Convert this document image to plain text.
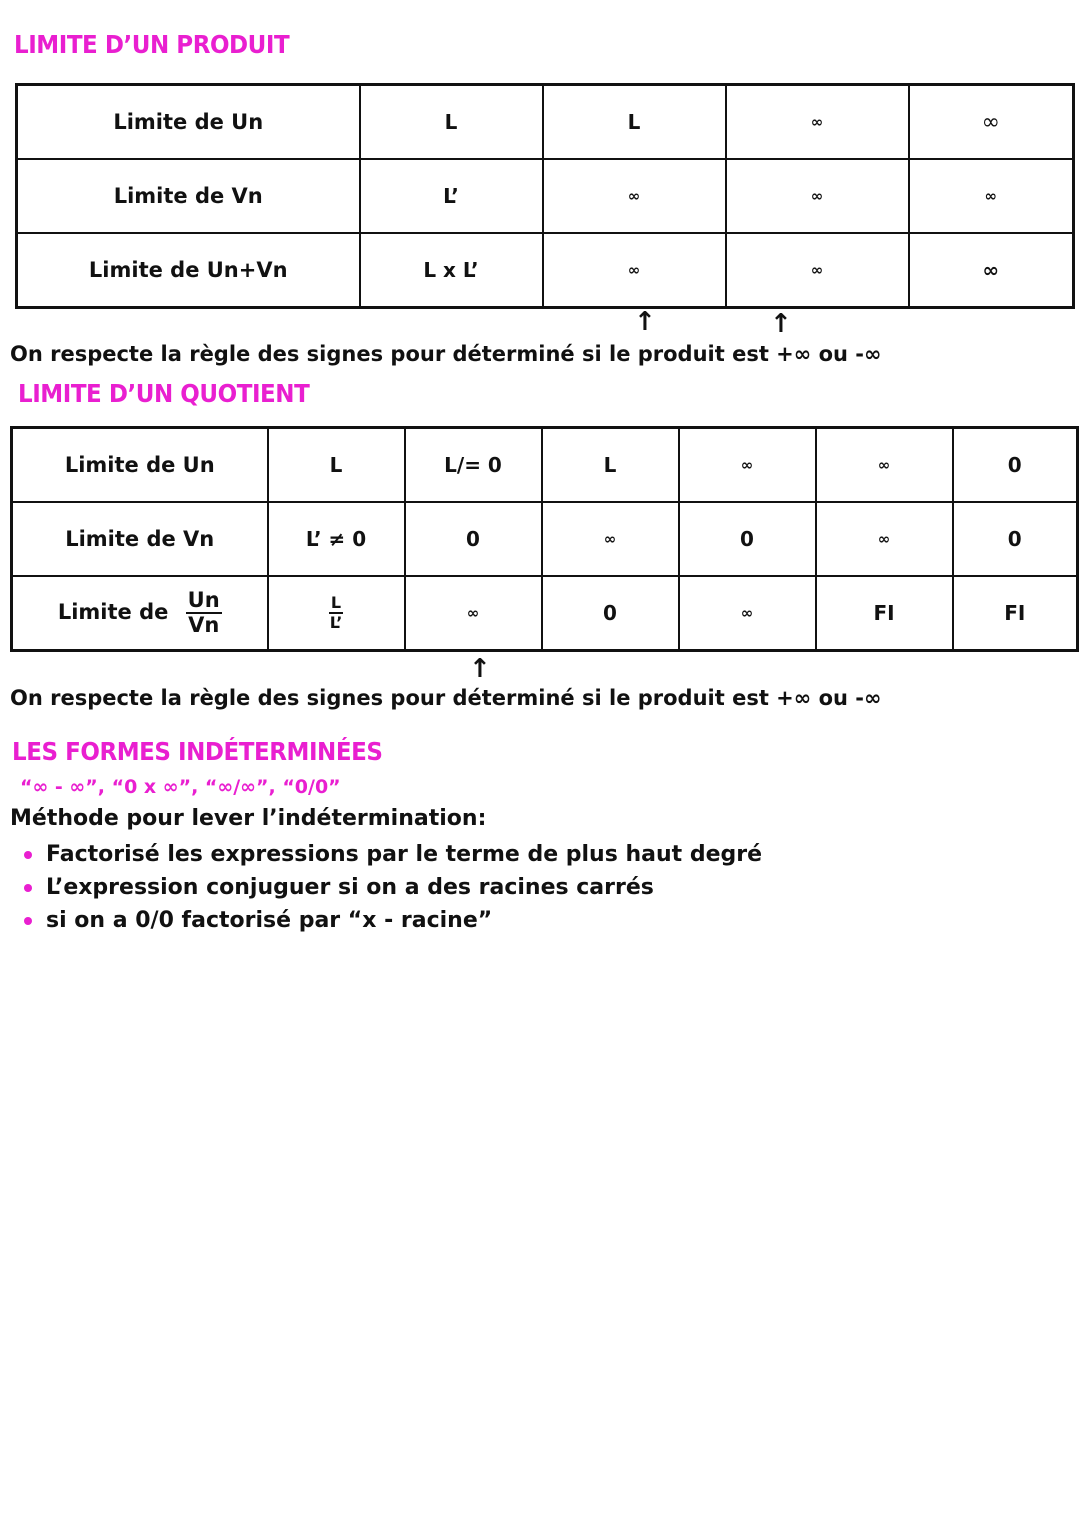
LIMITE D’UN PRODUIT
Limite de Un	L	L	∞	∞
Limite de Vn	L’	∞	∞	∞
Limite de Un+Vn	L x L’	∞	∞	∞
↑	↑

On respecte la règle des signes pour déterminé si le produit est +∞ ou -∞

LIMITE D’UN QUOTIENT
Limite de Un	L	L/= 0	L	∞	∞	0
Limite de Vn	L’ ≠ 0	0	∞	0	∞	0
Limite de $\frac{Un}{Vn}$	$\frac{L}{L’}$	∞	0	∞	FI	FI
↑

On respecte la règle des signes pour déterminé si le produit est +∞ ou -∞

LES FORMES INDÉTERMINÉES

“∞ - ∞”, “0 x ∞”, “∞/∞”, “0/0”

Méthode pour lever l’indétermination:

Factorisé les expressions par le terme de plus haut degré
L’expression conjuguer si on a des racines carrés
si on a 0/0 factorisé par “x - racine”
